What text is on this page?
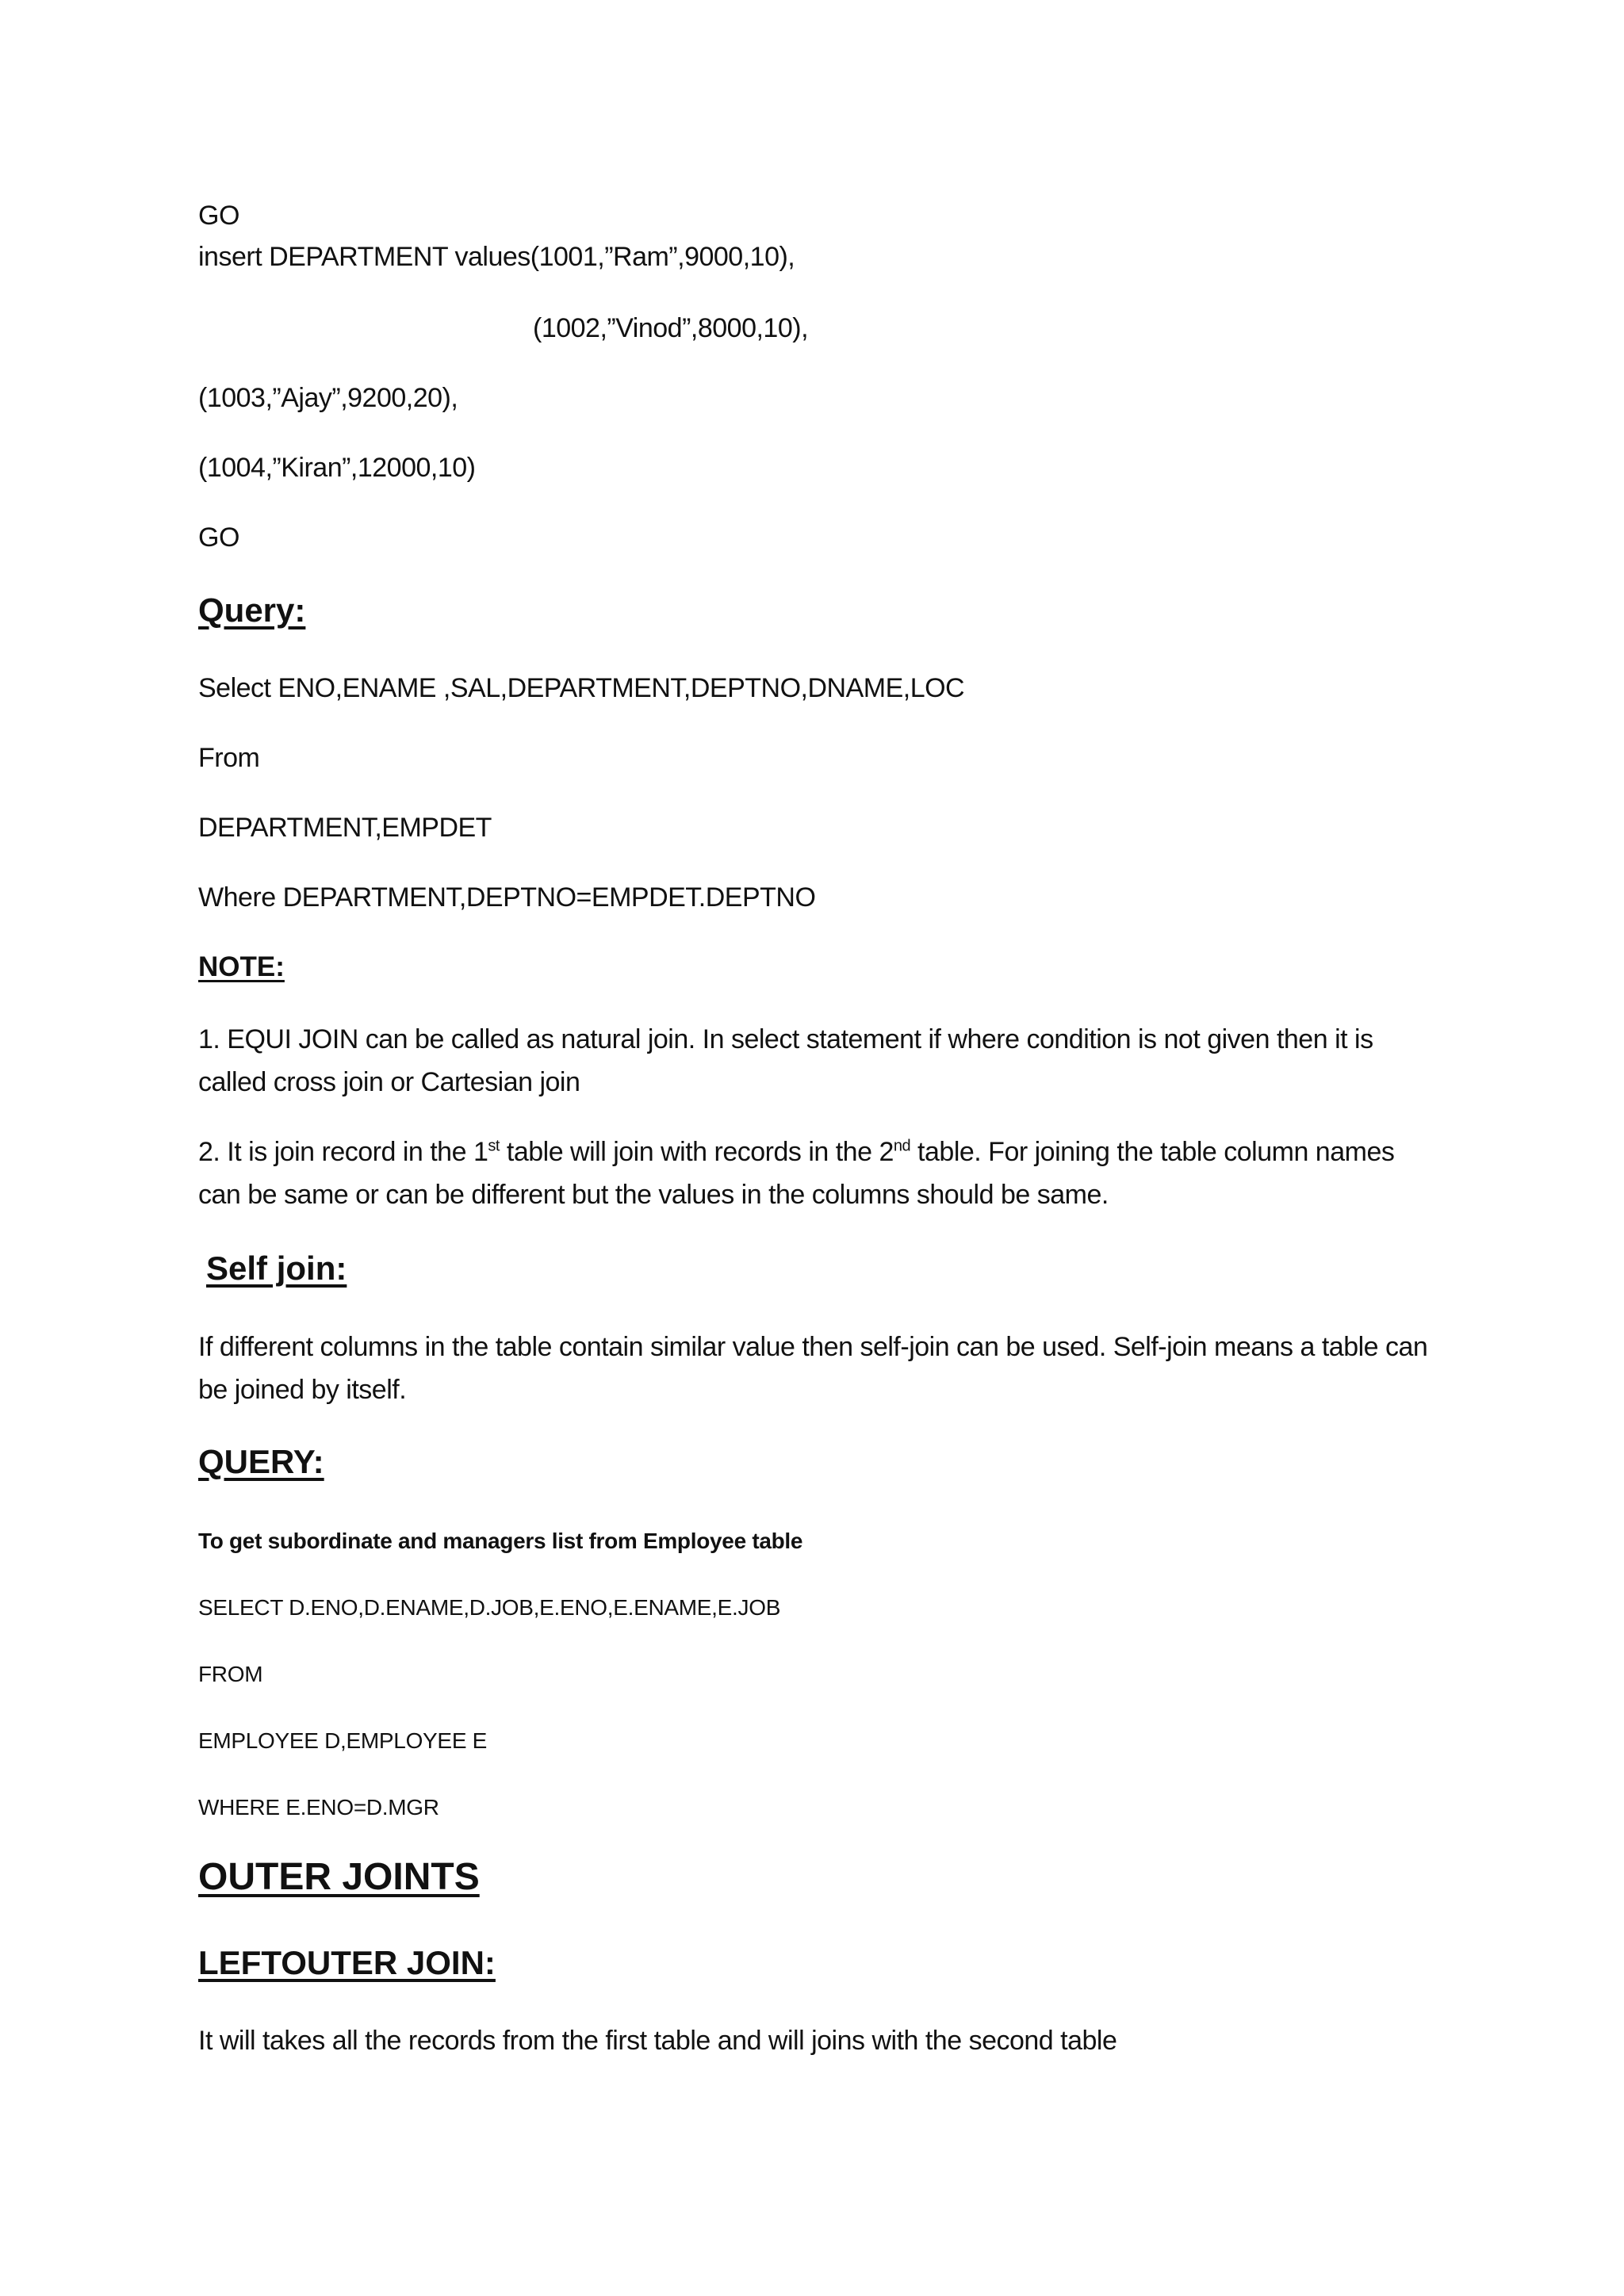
GO
insert DEPARTMENT values(1001,”Ram”,9000,10),
(1002,”Vinod”,8000,10),
(1003,”Ajay”,9200,20),
(1004,”Kiran”,12000,10)
GO
Query:
Select ENO,ENAME ,SAL,DEPARTMENT,DEPTNO,DNAME,LOC
From
DEPARTMENT,EMPDET
Where DEPARTMENT,DEPTNO=EMPDET.DEPTNO
NOTE:
1. EQUI JOIN can be called as natural join. In select statement if where condition is not given then it is called cross join or Cartesian join
2. It is join record in the 1st table will join with records in the 2nd table. For joining the table column names can be same or can be different but the values in the columns should be same.
Self join:
If different columns in the table contain similar value then self-join can be used. Self-join means a table can be joined by itself.
QUERY:
To get subordinate and managers list from Employee table
SELECT D.ENO,D.ENAME,D.JOB,E.ENO,E.ENAME,E.JOB
FROM
EMPLOYEE D,EMPLOYEE E
WHERE E.ENO=D.MGR
OUTER JOINTS
LEFTOUTER JOIN:
It will takes all the records from the first table and will joins with the second table
